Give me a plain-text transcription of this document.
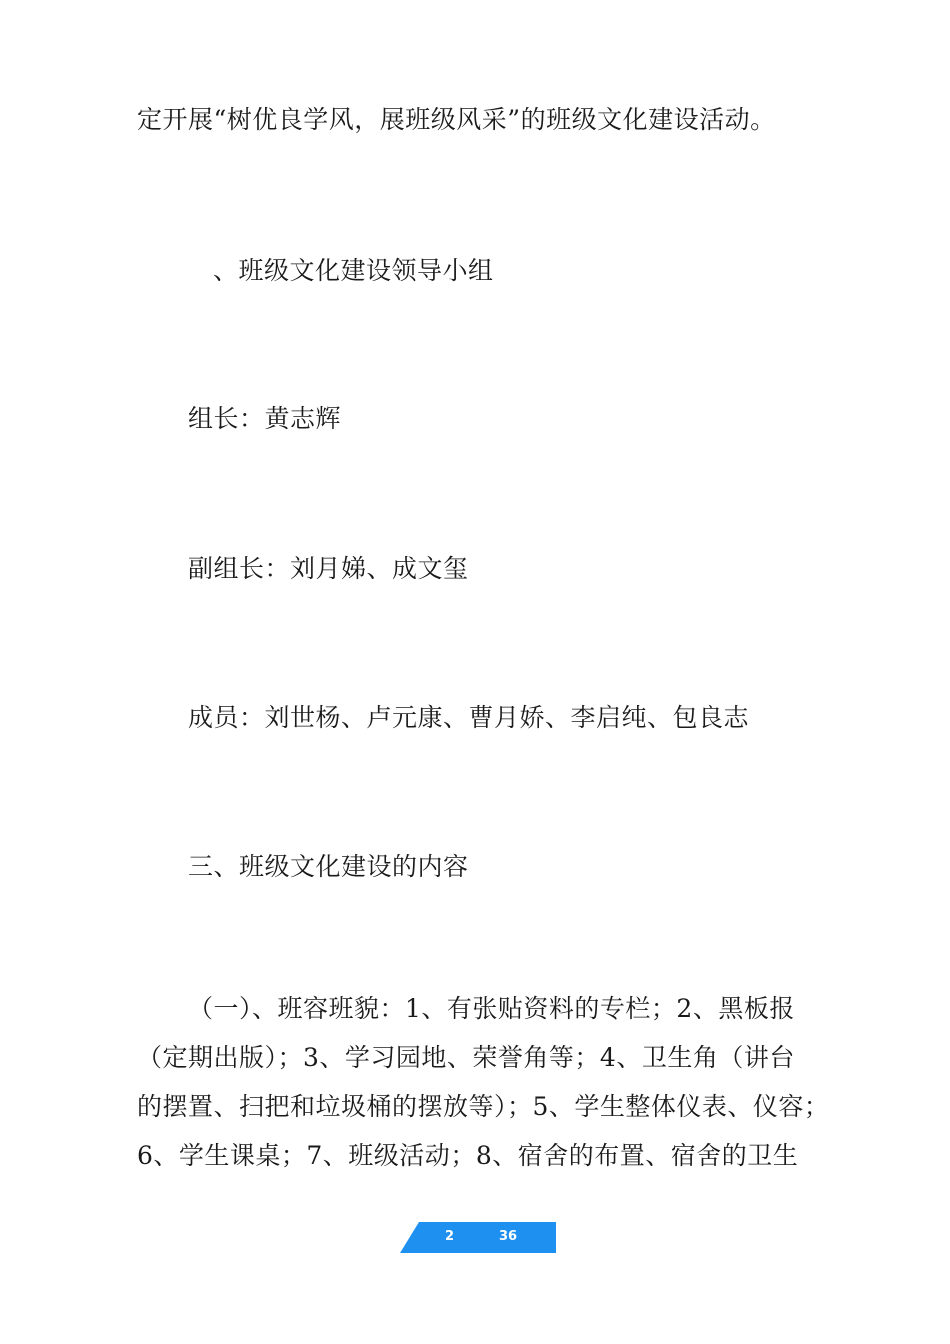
定开展“树优良学风，展班级风采”的班级文化建设活动。
、班级文化建设领导小组
组长：黄志辉
副组长：刘月娣、成文玺
成员：刘世杨、卢元康、曹月娇、李启纯、包良志
三、班级文化建设的内容
（一）、班容班貌：1、有张贴资料的专栏；2、黑板报
（定期出版）；3、学习园地、荣誉角等；4、卫生角（讲台
的摆置、扫把和垃圾桶的摆放等）；5、学生整体仪表、仪容；
6、学生课桌；7、班级活动；8、宿舍的布置、宿舍的卫生
2	36
